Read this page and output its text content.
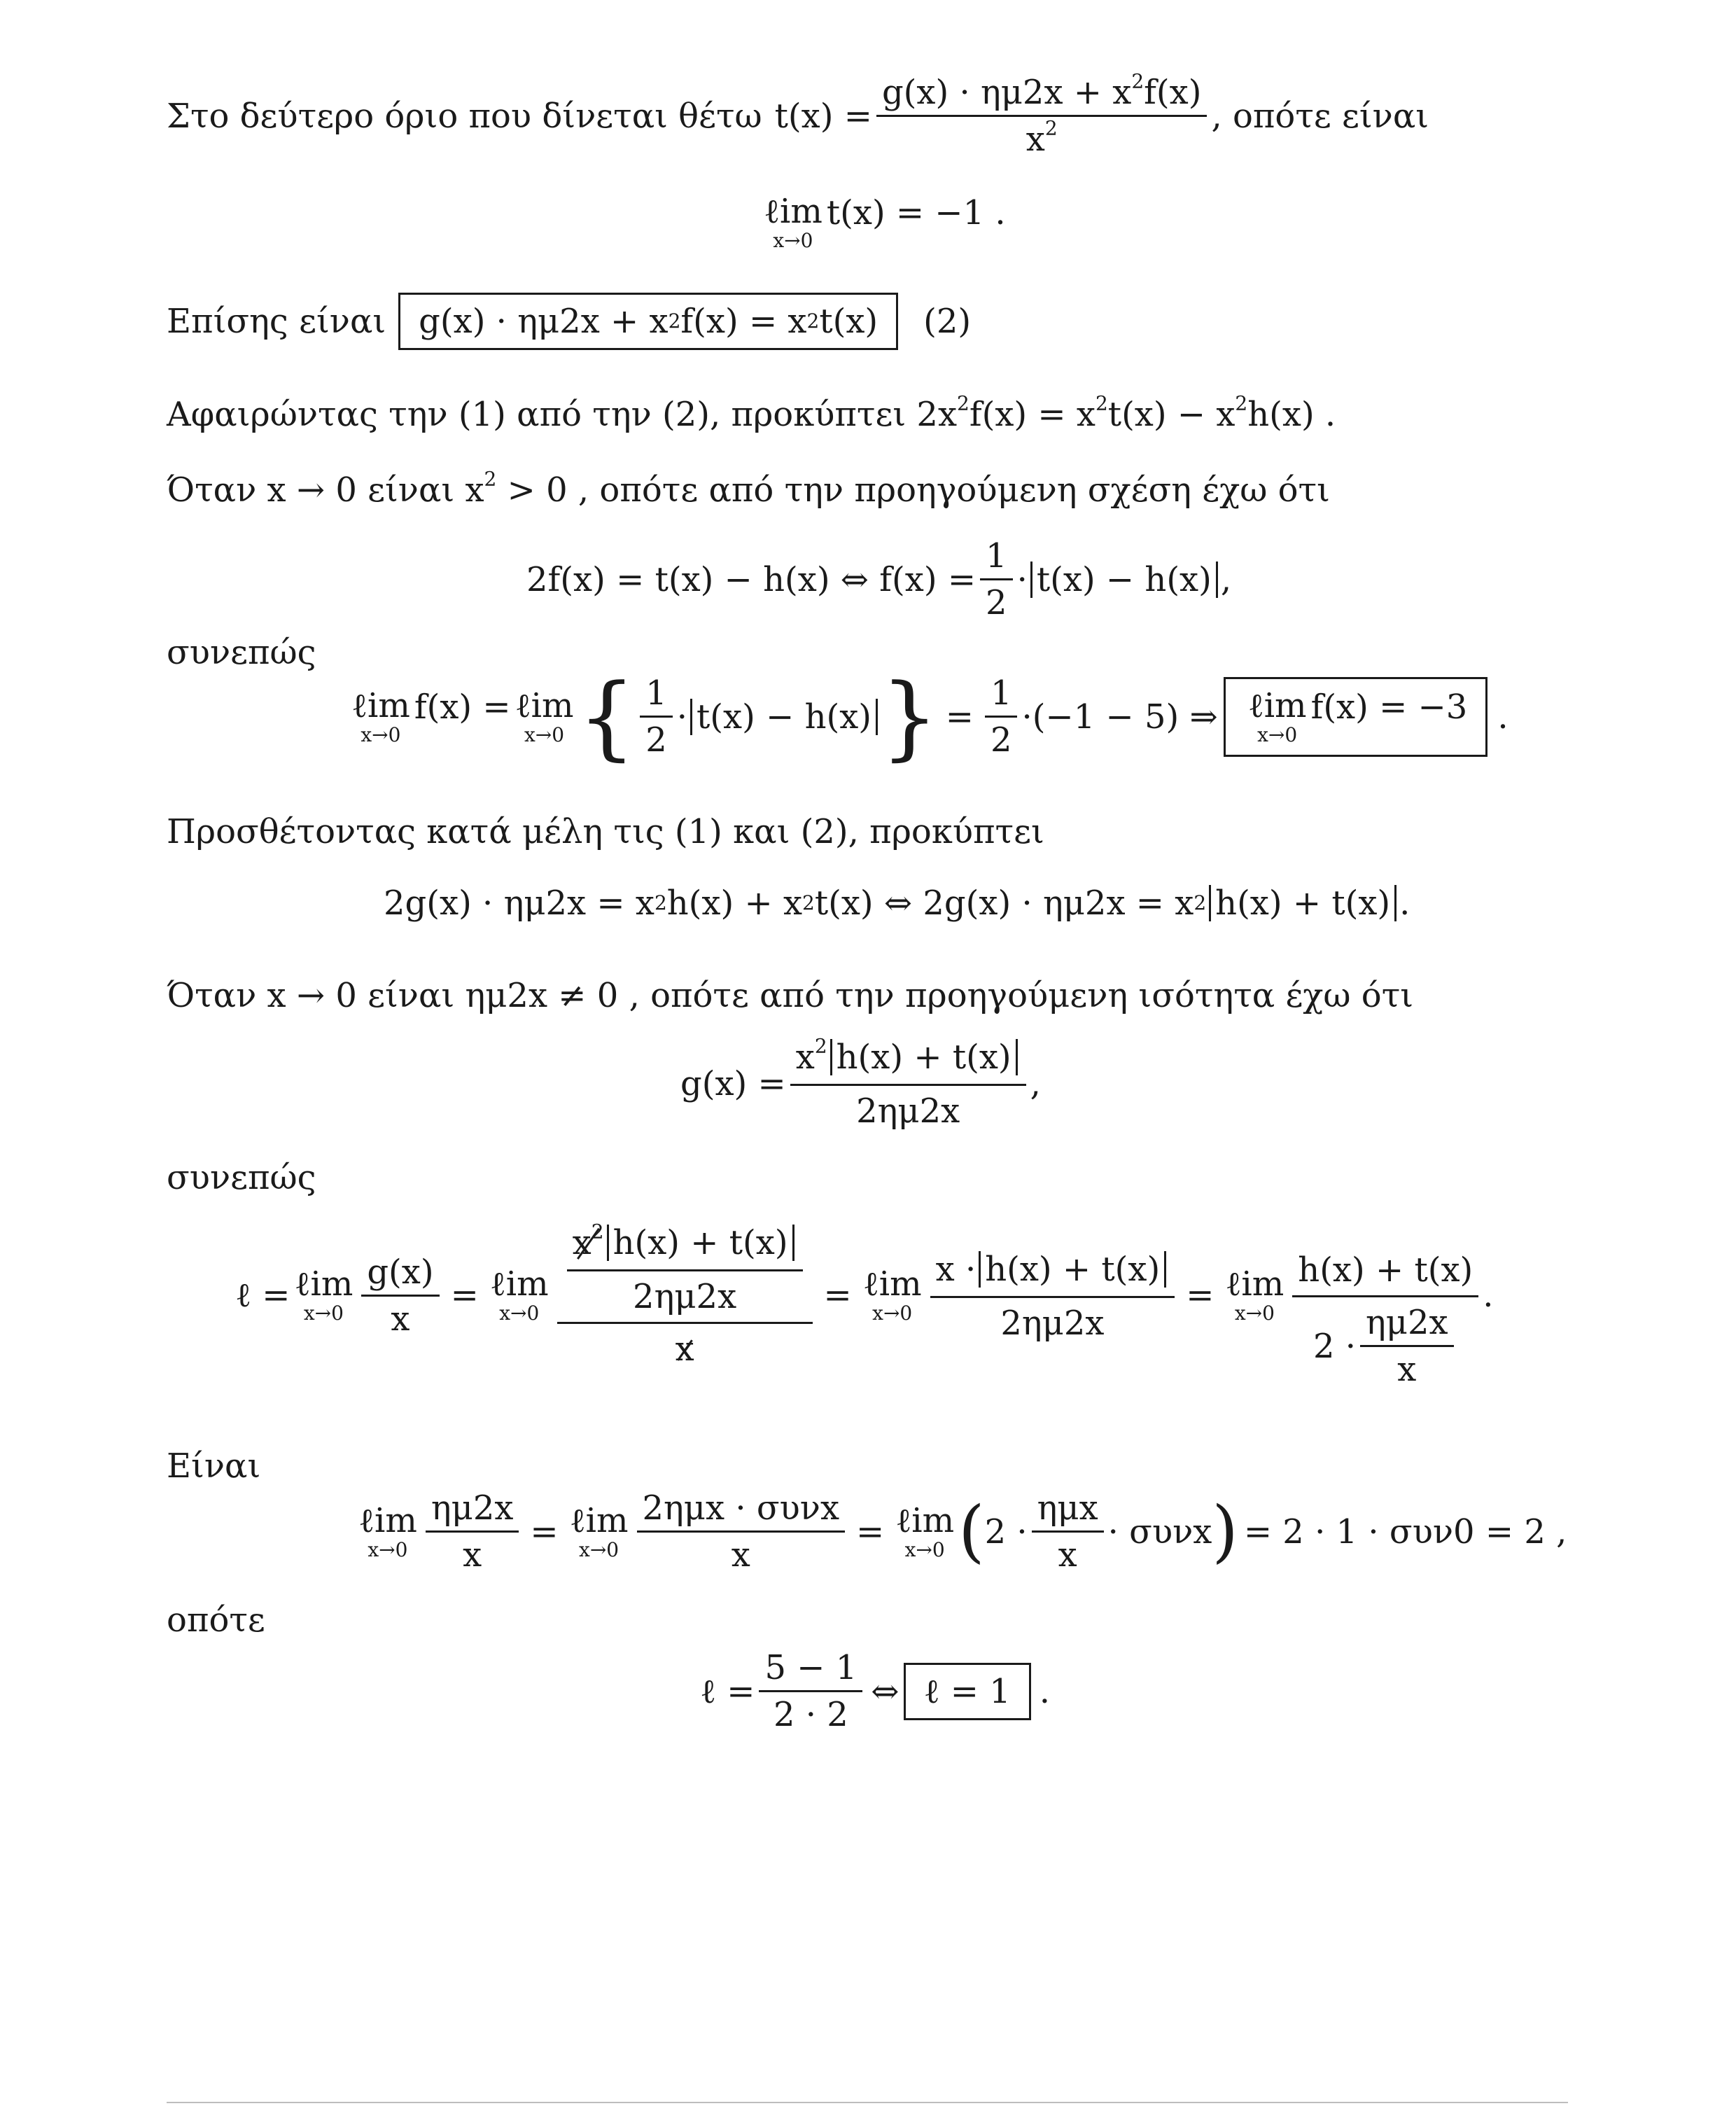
Στο δεύτερο όριο που δίνεται θέτω $t(x) = \frac{g(x) \cdot \eta\mu 2x + x^2f(x)}{x^2}$ , οπότε είναι
ℓim
x→0
t(x) = −1 .
Επίσης είναι g(x) · ημ2x + x 2 f(x) = x 2 t(x) (2)
Αφαιρώντας την (1) από την (2), προκύπτει $2x^2f(x) = x^2t(x) - x^2h(x)$ .
Όταν x → 0 είναι $x^2 > 0$ , οπότε από την προηγούμενη σχέση έχω ότι
2f(x) = t(x) − h(x) ⇔ $f(x) = \frac{1}{2} \cdot t(x) - h(x)$ ,
συνεπώς
ℓim
x→0
f(x) = ℓim
x→0 { $\frac{1}{2} \cdot t(x) - h(x)$ } = $\frac{1}{2} \cdot(-1 - 5)$ ⇒ ℓim
x→0
f(x) = −3 .
Προσθέτοντας κατά μέλη τις (1) και (2), προκύπτει
2g(x) · ημ2x = x 2 h(x) + x 2 t(x) ⇔ 2g(x) · ημ2x = x 2 h(x) + t(x) .
Όταν x → 0 είναι ημ2x ≠ 0 , οπότε από την προηγούμενη ισότητα έχω ότι
$g(x) = \frac{x^2 h(x) + t(x)}{2\eta\mu 2x}$ ,
συνεπώς
ℓ = ℓim
$x\to 0 \frac{g(x)}{x}$ = ℓim
$x\to 0 \frac{\frac{x^2 h(x) + t(x)}{2\eta\mu 2x}}{x}$ = ℓim
$x\to 0 \frac{x \cdot h(x) + t(x)}{2\eta\mu 2x}$ = ℓim
$x\to 0 \frac{h(x) + t(x)}{2 \cdot \frac{\eta\mu 2x}{x}}$ .
Είναι
ℓim
$x\to 0 \frac{\eta\mu 2x}{x}$ = ℓim
$x\to 0 \frac{\text{2ημx · συνx}}{x}$ = ℓim
x→0 ( $2 \cdot \frac{\text{ημx}}{x} \cdot \sigma\upsilon\nu x$ ) = 2 · 1 · συν0 = 2 ,
οπότε
ℓ = $\frac{5 - 1}{2 \cdot 2}$ ⇔ ℓ = 1 .
